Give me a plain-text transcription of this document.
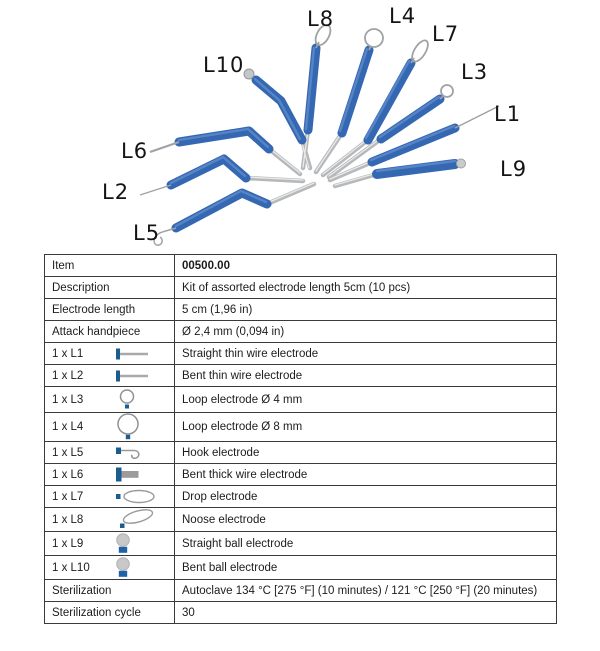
L8	L4
L7
L3
L1
L9
L10
L6
L2
L5
Item	00500.00
Description	Kit of assorted electrode length 5cm (10 pcs)
Electrode length	5 cm (1,96 in)
Attack handpiece	Ø 2,4 mm (0,094 in)

1 x L1	Straight thin wire electrode

1 x L2	Bent thin wire electrode

1 x L3	Loop electrode Ø 4 mm

1 x L4	Loop electrode Ø 8 mm

1 x L5	Hook electrode

1 x L6	Bent thick wire electrode

1 x L7	Drop electrode

1 x L8	Noose electrode

1 x L9	Straight ball electrode

1 x L10	Bent ball electrode
Sterilization	Autoclave 134 °C [275 °F] (10 minutes) / 121 °C [250 °F] (20 minutes)
Sterilization cycle	30
